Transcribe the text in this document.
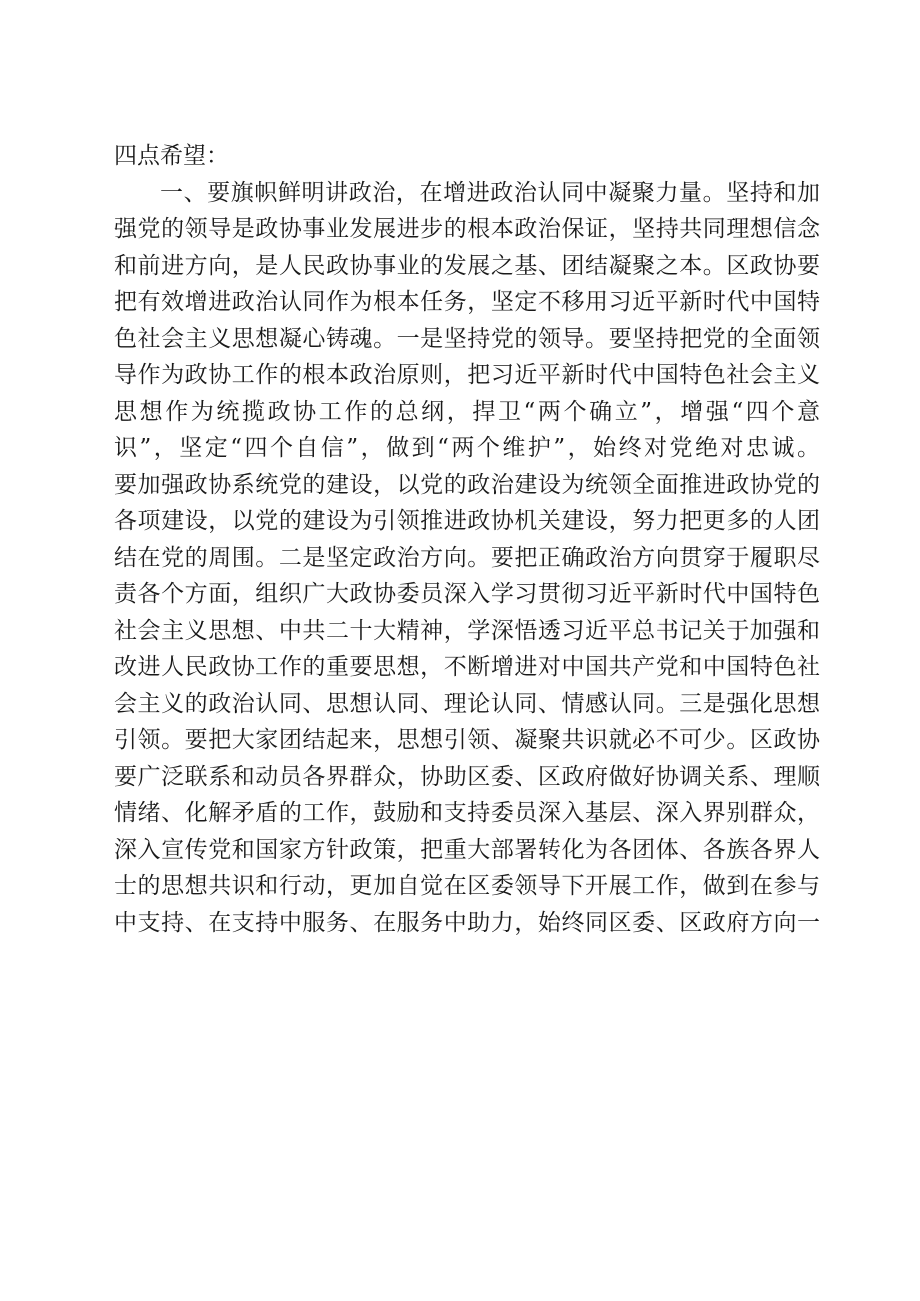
四点希望：
一、要旗帜鲜明讲政治，在增进政治认同中凝聚力量。坚持和加
强党的领导是政协事业发展进步的根本政治保证，坚持共同理想信念
和前进方向，是人民政协事业的发展之基、团结凝聚之本。区政协要
把有效增进政治认同作为根本任务，坚定不移用习近平新时代中国特
色社会主义思想凝心铸魂。一是坚持党的领导。要坚持把党的全面领
导作为政协工作的根本政治原则，把习近平新时代中国特色社会主义
思想作为统揽政协工作的总纲，捍卫“两个确立”，增强“四个意
识”，坚定“四个自信”，做到“两个维护”，始终对党绝对忠诚。
要加强政协系统党的建设，以党的政治建设为统领全面推进政协党的
各项建设，以党的建设为引领推进政协机关建设，努力把更多的人团
结在党的周围。二是坚定政治方向。要把正确政治方向贯穿于履职尽
责各个方面，组织广大政协委员深入学习贯彻习近平新时代中国特色
社会主义思想、中共二十大精神，学深悟透习近平总书记关于加强和
改进人民政协工作的重要思想，不断增进对中国共产党和中国特色社
会主义的政治认同、思想认同、理论认同、情感认同。三是强化思想
引领。要把大家团结起来，思想引领、凝聚共识就必不可少。区政协
要广泛联系和动员各界群众，协助区委、区政府做好协调关系、理顺
情绪、化解矛盾的工作，鼓励和支持委员深入基层、深入界别群众，
深入宣传党和国家方针政策，把重大部署转化为各团体、各族各界人
士的思想共识和行动，更加自觉在区委领导下开展工作，做到在参与
中支持、在支持中服务、在服务中助力，始终同区委、区政府方向一
